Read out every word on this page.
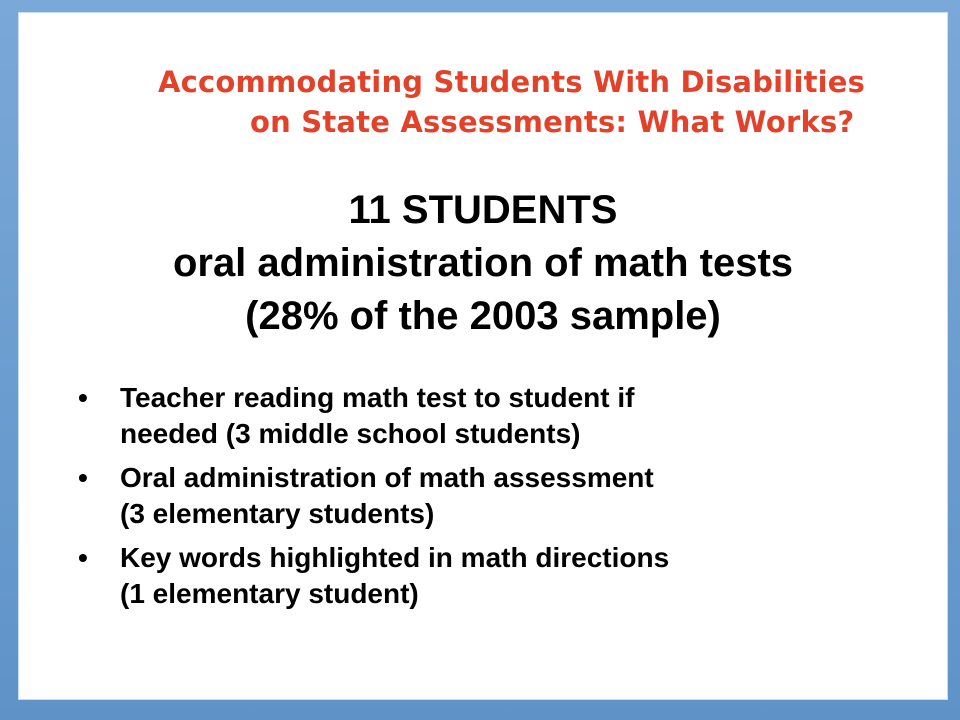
Accommodating Students With Disabilities
on State Assessments: What Works?
11 STUDENTS
oral administration of math tests
(28% of the 2003 sample)
•	Teacher reading math test to student if
needed (3 middle school students)
•	Oral administration of math assessment
(3 elementary students)
•	Key words highlighted in math directions
(1 elementary student)
